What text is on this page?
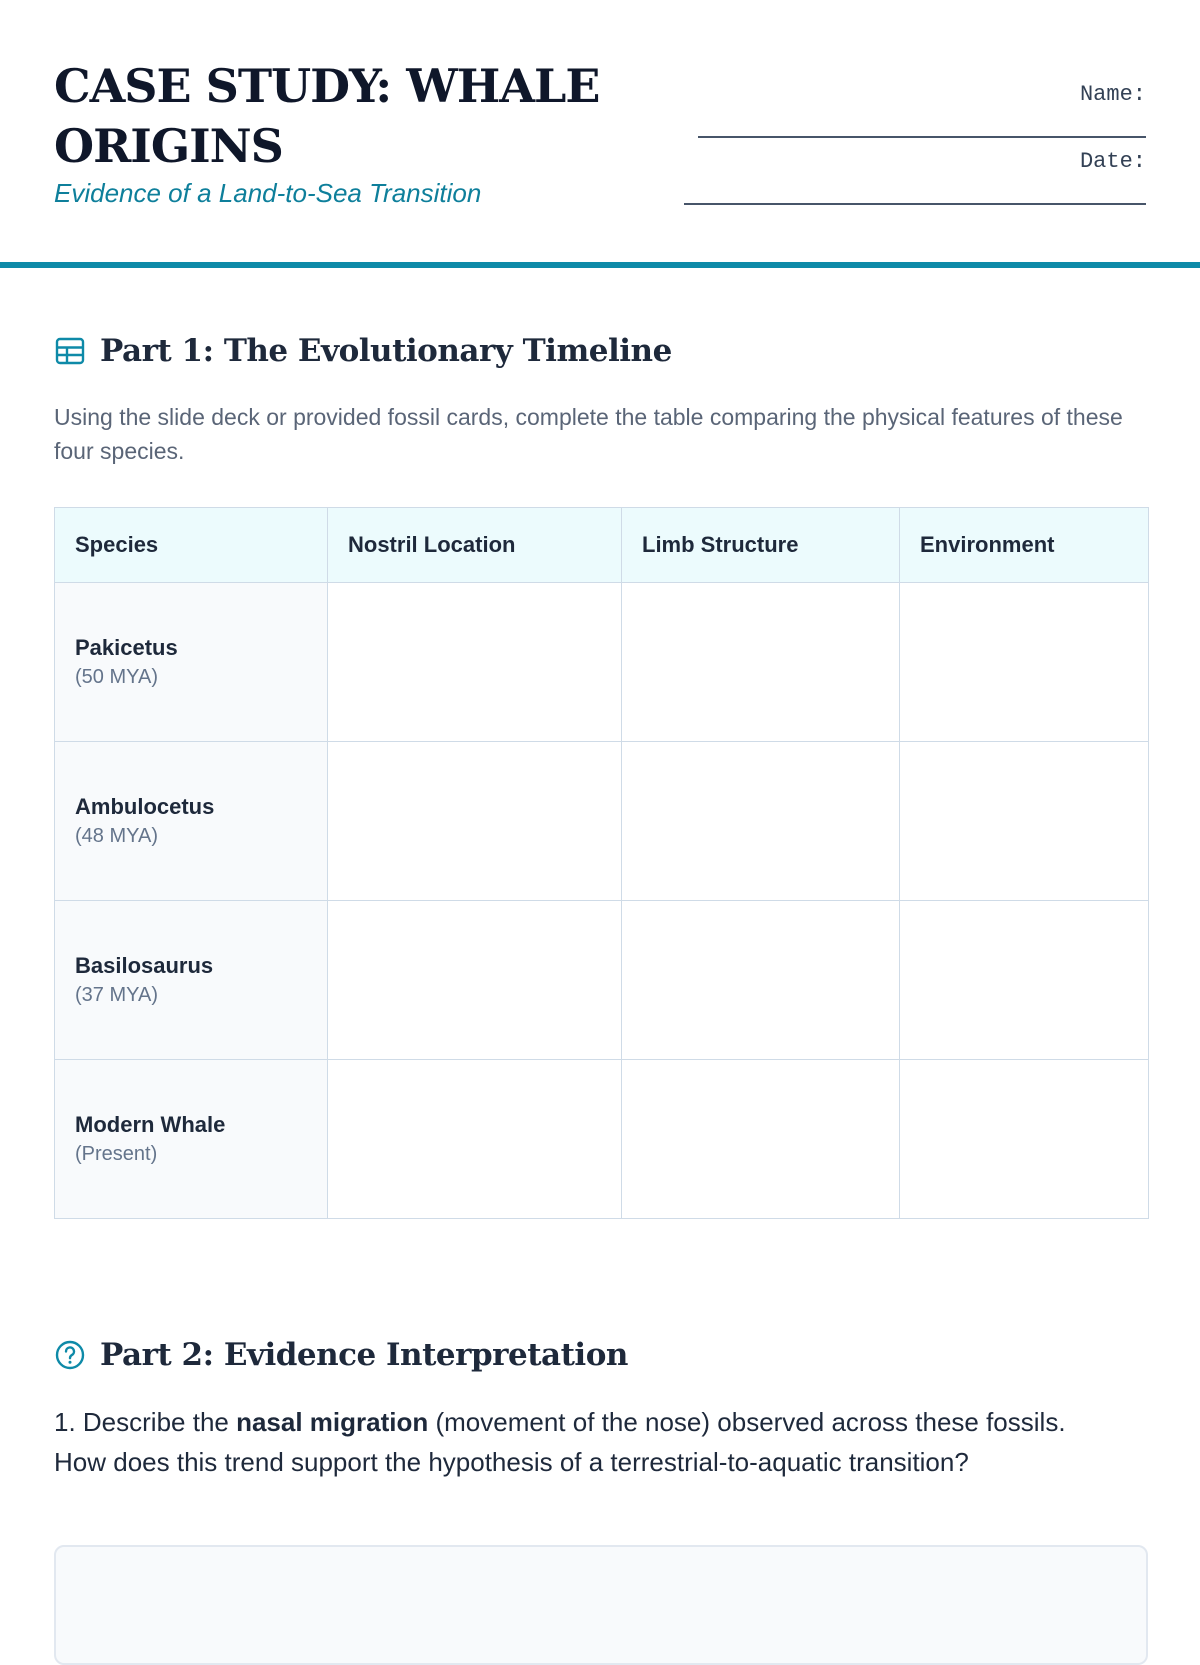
CASE STUDY: WHALE ORIGINS

Evidence of a Land-to-Sea Transition

Name:
Date:
Part 1: The Evolutionary Timeline

Using the slide deck or provided fossil cards, complete the table comparing the physical features of these four species.

Species	Nostril Location	Limb Structure	Environment

Pakicetus
(50 MYA)			

Ambulocetus
(48 MYA)			

Basilosaurus
(37 MYA)			

Modern Whale
(Present)			

Part 2: Evidence Interpretation

1. Describe the nasal migration (movement of the nose) observed across these fossils. How does this trend support the hypothesis of a terrestrial-to-aquatic transition?
